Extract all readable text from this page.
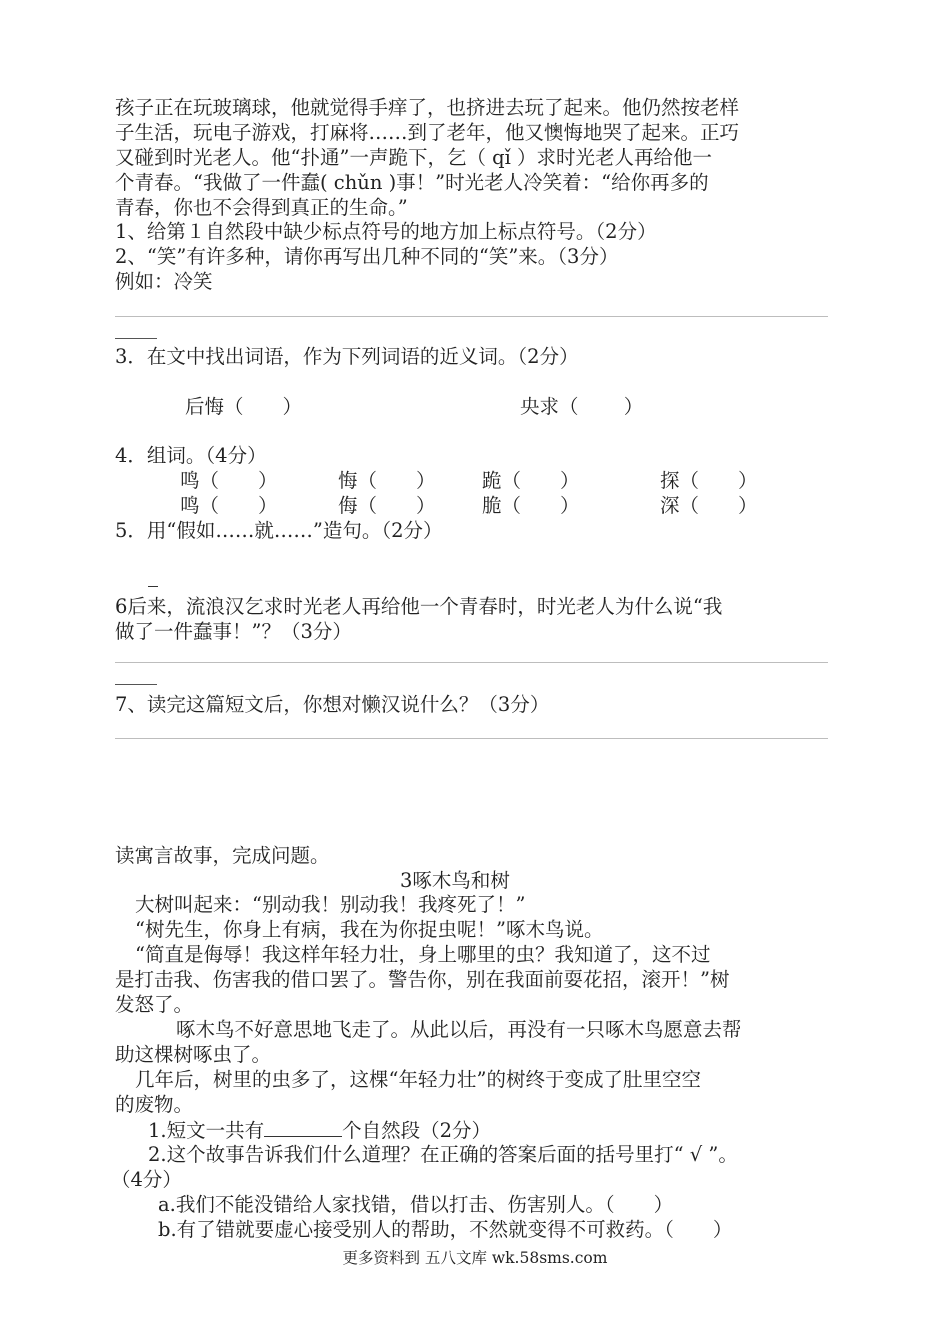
孩子正在玩玻璃球，他就觉得手痒了，也挤进去玩了起来。他仍然按老样
子生活，玩电子游戏，打麻将……到了老年，他又懊悔地哭了起来。正巧
又碰到时光老人。他“扑通”一声跪下，乞（ qǐ ）求时光老人再给他一
个青春。“我做了一件蠢( chǔn )事！”时光老人冷笑着：“给你再多的
青春，你也不会得到真正的生命。”
1、给第１自然段中缺少标点符号的地方加上标点符号。（2分）
2、“笑”有许多种，请你再写出几种不同的“笑”来。（3分）
例如：冷笑
3．在文中找出词语，作为下列词语的近义词。（2分）
后悔（　　）	央求（　　 ）
4．组词。（4分）
鸣（　　）	悔（　　） 跪（　　）	探（　　）
鸣（　　）	侮（　　） 脆（　　）	深（　　）
5．用“假如……就……”造句。（2分）
6后来，流浪汉乞求时光老人再给他一个青春时，时光老人为什么说“我
做了一件蠢事！”？（3分）
7、读完这篇短文后，你想对懒汉说什么？（3分）
读寓言故事，完成问题。
3啄木鸟和树
大树叫起来：“别动我！别动我！我疼死了！”
“树先生，你身上有病，我在为你捉虫呢！”啄木鸟说。
“简直是侮辱！我这样年轻力壮，身上哪里的虫？我知道了，这不过
是打击我、伤害我的借口罢了。警告你，别在我面前耍花招，滚开！”树
发怒了。
啄木鸟不好意思地飞走了。从此以后，再没有一只啄木鸟愿意去帮
助这棵树啄虫了。
几年后，树里的虫多了，这棵“年轻力壮”的树终于变成了肚里空空
的废物。
1.短文一共有	个自然段（2分）
2.这个故事告诉我们什么道理？在正确的答案后面的括号里打“ √ ”。
（4分）
a.我们不能没错给人家找错，借以打击、伤害别人。（　　）
b.有了错就要虚心接受别人的帮助，不然就变得不可救药。（　　）
更多资料到 五八文库 wk.58sms.com
